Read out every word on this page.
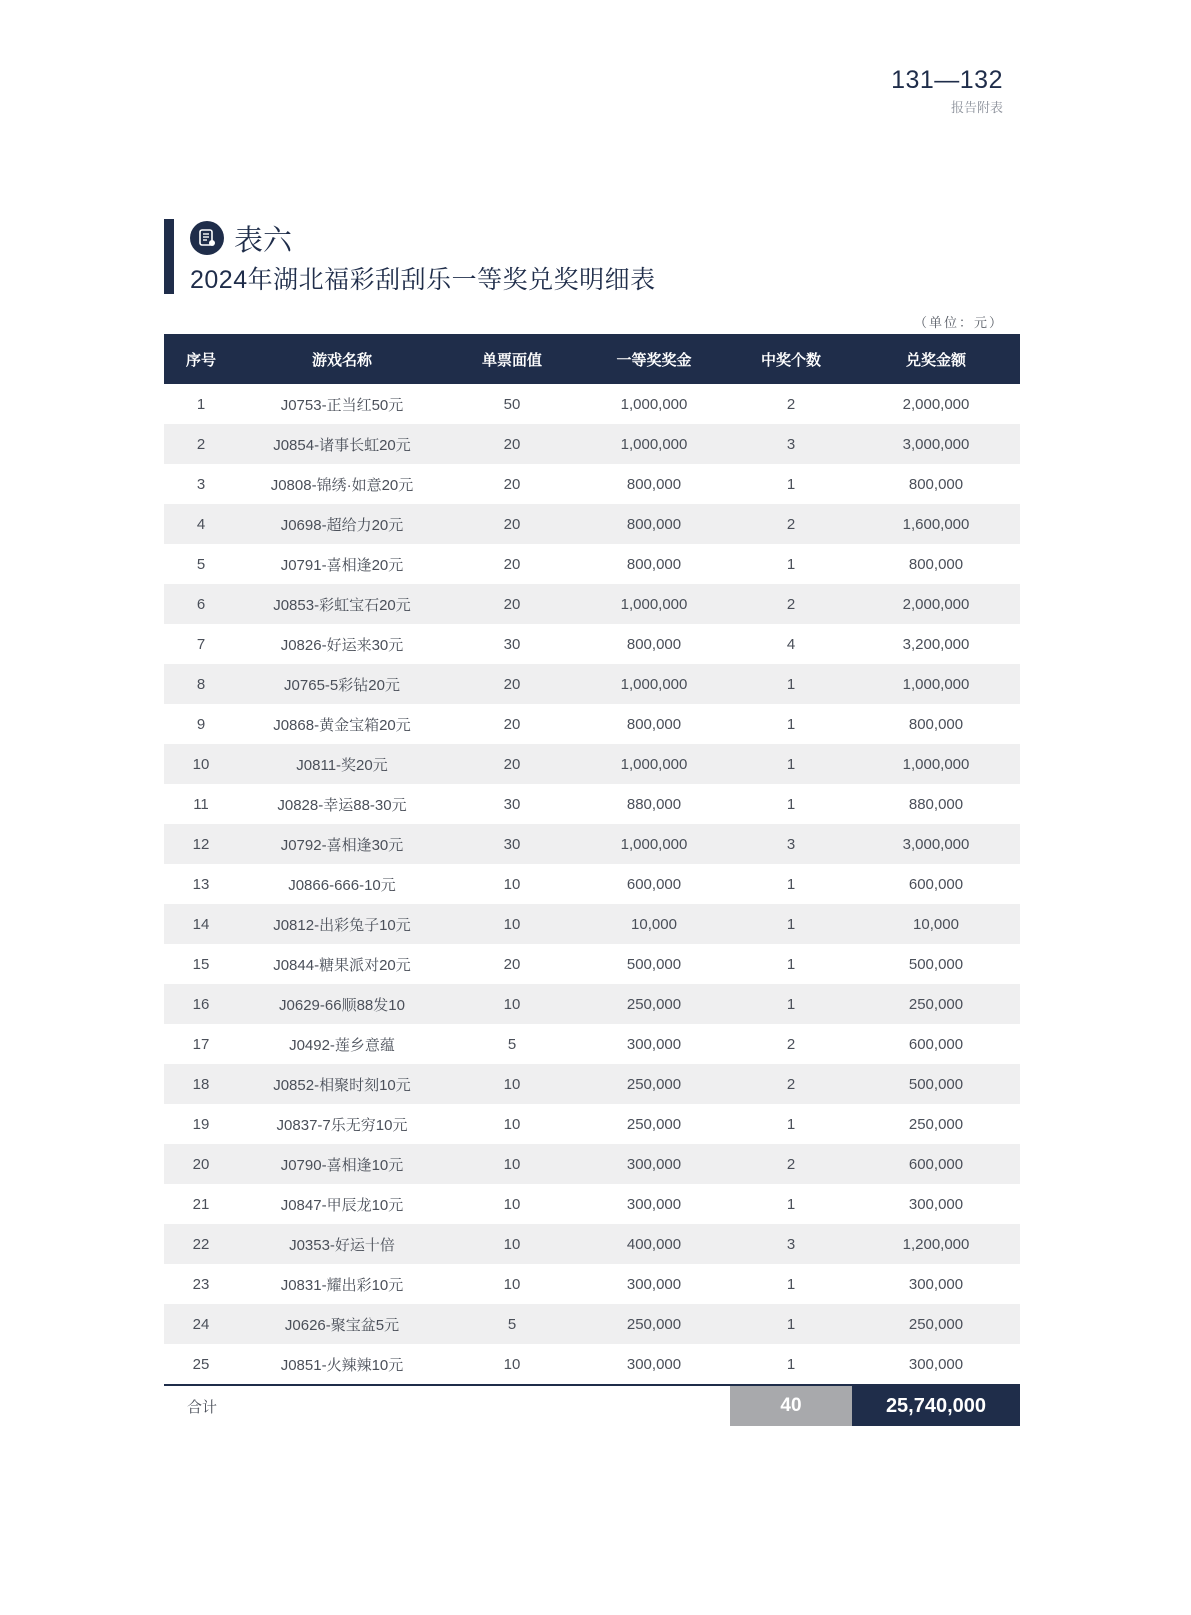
131—132
报告附表
表六
2024年湖北福彩刮刮乐一等奖兑奖明细表
（单位：元）
序号	游戏名称	单票面值	一等奖奖金	中奖个数	兑奖金额
1	J0753-正当红50元	50	1,000,000	2	2,000,000
2	J0854-诸事长虹20元	20	1,000,000	3	3,000,000
3	J0808-锦绣·如意20元	20	800,000	1	800,000
4	J0698-超给力20元	20	800,000	2	1,600,000
5	J0791-喜相逢20元	20	800,000	1	800,000
6	J0853-彩虹宝石20元	20	1,000,000	2	2,000,000
7	J0826-好运来30元	30	800,000	4	3,200,000
8	J0765-5彩钻20元	20	1,000,000	1	1,000,000
9	J0868-黄金宝箱20元	20	800,000	1	800,000
10	J0811-奖20元	20	1,000,000	1	1,000,000
11	J0828-幸运88-30元	30	880,000	1	880,000
12	J0792-喜相逢30元	30	1,000,000	3	3,000,000
13	J0866-666-10元	10	600,000	1	600,000
14	J0812-出彩兔子10元	10	10,000	1	10,000
15	J0844-糖果派对20元	20	500,000	1	500,000
16	J0629-66顺88发10	10	250,000	1	250,000
17	J0492-莲乡意蕴	5	300,000	2	600,000
18	J0852-相聚时刻10元	10	250,000	2	500,000
19	J0837-7乐无穷10元	10	250,000	1	250,000
20	J0790-喜相逢10元	10	300,000	2	600,000
21	J0847-甲辰龙10元	10	300,000	1	300,000
22	J0353-好运十倍	10	400,000	3	1,200,000
23	J0831-耀出彩10元	10	300,000	1	300,000
24	J0626-聚宝盆5元	5	250,000	1	250,000
25	J0851-火辣辣10元	10	300,000	1	300,000
合计				40	25,740,000
